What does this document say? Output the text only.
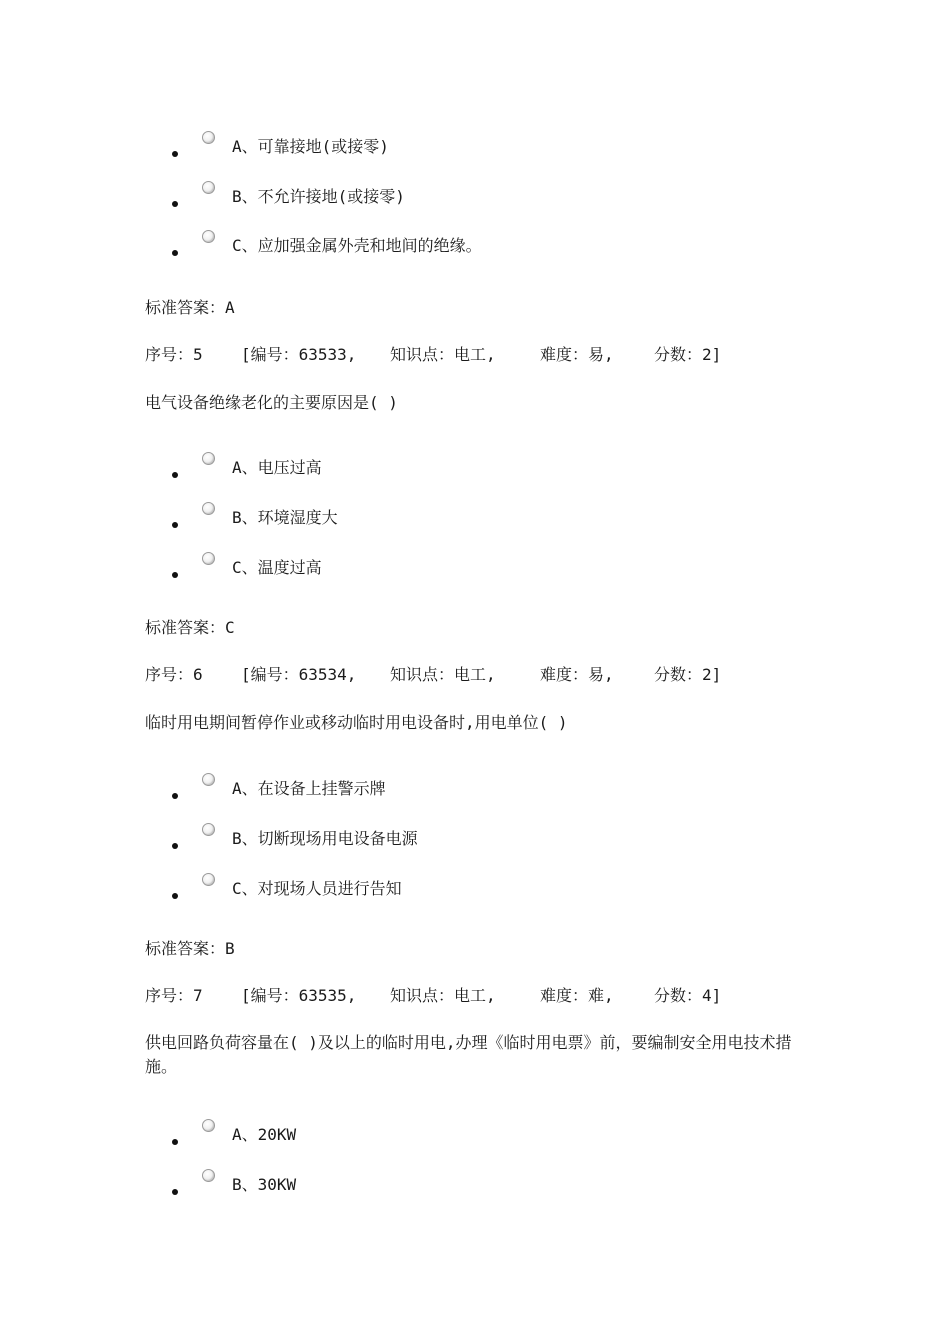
A、可靠接地(或接零)
B、不允许接地(或接零)
C、应加强金属外壳和地间的绝缘。
标准答案：A
序号：5 [编号：63533, 知识点：电工,	难度：易,	分数：2]
电气设备绝缘老化的主要原因是( )
A、电压过高
B、环境湿度大
C、温度过高
标准答案：C
序号：6 [编号：63534, 知识点：电工,	难度：易,	分数：2]
临时用电期间暂停作业或移动临时用电设备时,用电单位( )
A、在设备上挂警示牌
B、切断现场用电设备电源
C、对现场人员进行告知
标准答案：B
序号：7 [编号：63535, 知识点：电工,	难度：难,	分数：4]
供电回路负荷容量在( )及以上的临时用电,办理《临时用电票》前，要编制安全用电技术措施。
A、20KW
B、30KW
